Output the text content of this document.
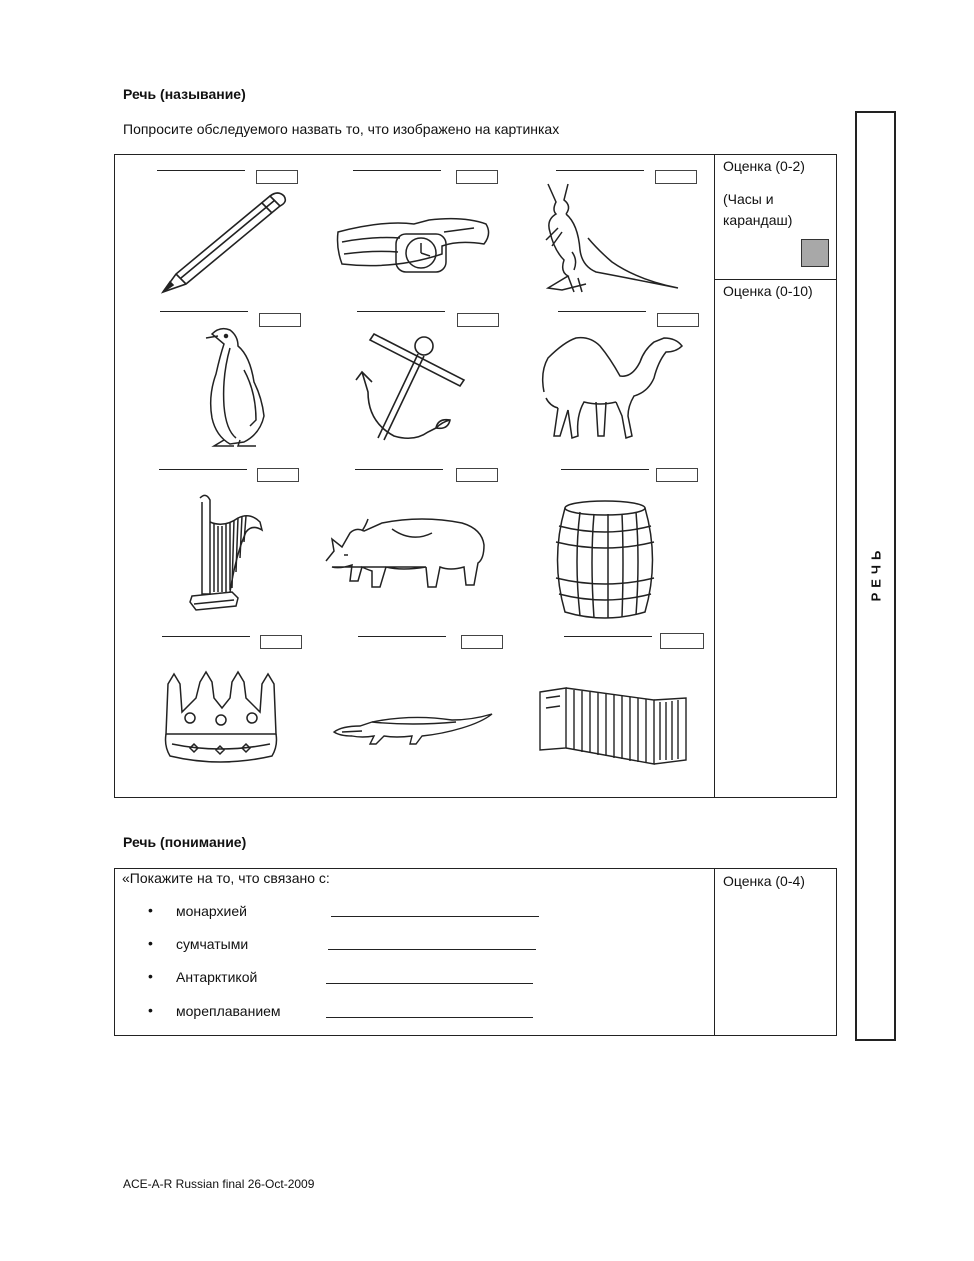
Речь (называние)
Попросите обследуемого назвать то, что изображено на картинках
Оценка (0-2)
(Часы и карандаш)
Оценка (0-10)
Речь (понимание)
«Покажите на то, что связано с:	Оценка (0-4)
• монархией
• сумчатыми
• Антарктикой
• мореплаванием
РЕЧЬ
ACE-A-R Russian final 26-Oct-2009
